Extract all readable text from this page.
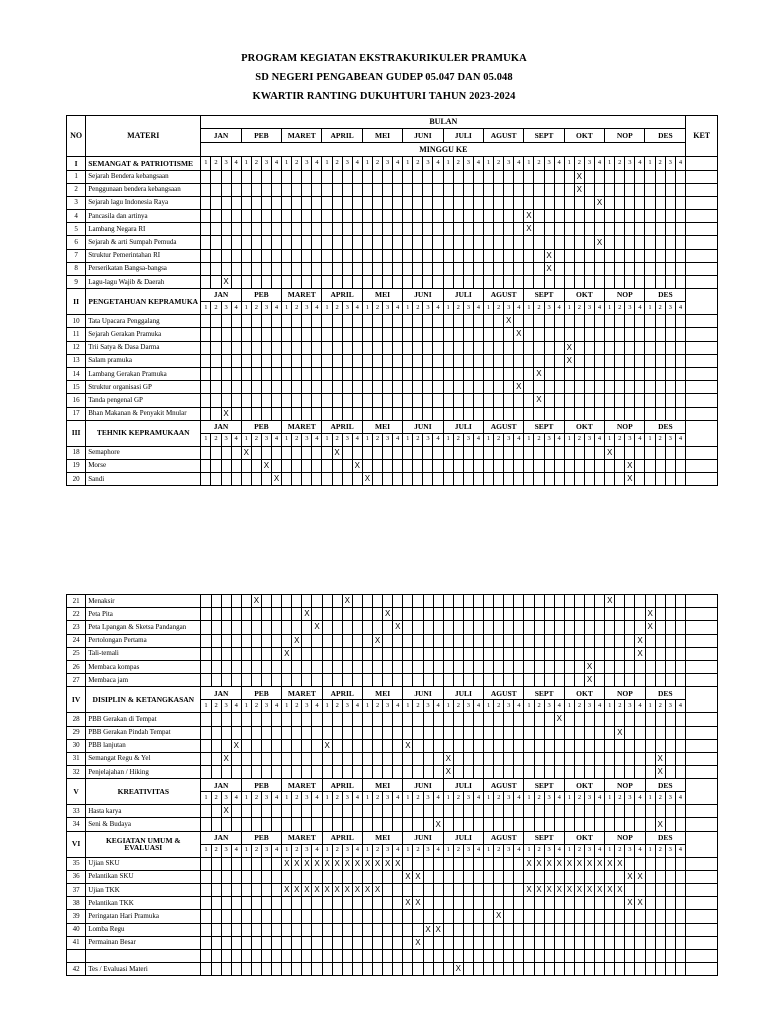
PROGRAM KEGIATAN EKSTRAKURIKULER PRAMUKA
SD NEGERI PENGABEAN GUDEP 05.047 DAN 05.048
KWARTIR RANTING DUKUHTURI TAHUN 2023-2024
NO	MATERI	BULAN																																																KET
		JAN				PEB				MARET				APRIL				MEI				JUNI				JULI				AGUST				SEPT				OKT				NOP				DES				
		MINGGU KE																																																
I	SEMANGAT & PATRIOTISME	1	2	3	4	1	2	3	4	1	2	3	4	1	2	3	4	1	2	3	4	1	2	3	4	1	2	3	4	1	2	3	4	1	2	3	4	1	2	3	4	1	2	3	4	1	2	3	4	
1	Sejarah Bendera kebangsaan																																						X											
2	Penggunaan bendera kebangsaan																																						X											
3	Sejarah lagu Indonesia Raya																																								X									
4	Pancasila dan artinya																																	X																
5	Lambang Negara RI																																	X																
6	Sejarah & arti Sumpah Pemuda																																								X									
7	Struktur Pemerintahan RI																																			X														
8	Perserikatan Bangsa-bangsa																																			X														
9	Lagu-lagu Wajib & Daerah			X																																														
II	PENGETAHUAN KEPRAMUKA	JAN				PEB				MARET				APRIL				MEI				JUNI				JULI				AGUST				SEPT				OKT				NOP				DES				
		1	2	3	4	1	2	3	4	1	2	3	4	1	2	3	4	1	2	3	4	1	2	3	4	1	2	3	4	1	2	3	4	1	2	3	4	1	2	3	4	1	2	3	4	1	2	3	4	
10	Tata Upacara Penggalang																															X																		
11	Sejarah Gerakan Pramuka																																X																	
12	Trii Satya & Dasa Darma																																					X												
13	Salam pramuka																																					X												
14	Lambang Gerakan Pramuka																																		X															
15	Struktur organisasi GP																																X																	
16	Tanda pengenal GP																																		X															
17	Bhan Makanan & Penyakit Mnular			X																																														
III	TEHNIK KEPRAMUKAAN	JAN				PEB				MARET				APRIL				MEI				JUNI				JULI				AGUST				SEPT				OKT				NOP				DES				
		1	2	3	4	1	2	3	4	1	2	3	4	1	2	3	4	1	2	3	4	1	2	3	4	1	2	3	4	1	2	3	4	1	2	3	4	1	2	3	4	1	2	3	4	1	2	3	4	
18	Semaphore					X									X																											X								
19	Morse							X									X																											X						
20	Sandi								X									X																										X						
21	Menaksir						X									X																										X								
22	Peta Pita											X								X																										X				
23	Peta Lpangan & Sketsa Pandangan												X								X																									X				
24	Pertolongan Pertama										X								X																										X					
25	Tali-temali									X																																			X					
26	Membaca kompas																																							X										
27	Membaca jam																																							X										
IV	DISIPLIN & KETANGKASAN	JAN				PEB				MARET				APRIL				MEI				JUNI				JULI				AGUST				SEPT				OKT				NOP				DES				
		1	2	3	4	1	2	3	4	1	2	3	4	1	2	3	4	1	2	3	4	1	2	3	4	1	2	3	4	1	2	3	4	1	2	3	4	1	2	3	4	1	2	3	4	1	2	3	4	
28	PBB Gerakan di Tempat																																				X													
29	PBB Gerakan Pindah Tempat																																										X							
30	PBB lanjutan				X									X								X																												
31	Semangat Regu & Yel			X																						X																					X			
32	Penjelajahan / Hiking																									X																					X			
V	KREATIVITAS	JAN				PEB				MARET				APRIL				MEI				JUNI				JULI				AGUST				SEPT				OKT				NOP				DES				
		1	2	3	4	1	2	3	4	1	2	3	4	1	2	3	4	1	2	3	4	1	2	3	4	1	2	3	4	1	2	3	4	1	2	3	4	1	2	3	4	1	2	3	4	1	2	3	4	
33	Hasta karya			X																																														
34	Seni & Budaya																								X																						X			
VI	KEGIATAN UMUM & EVALUASI	JAN				PEB				MARET				APRIL				MEI				JUNI				JULI				AGUST				SEPT				OKT				NOP				DES				
		1	2	3	4	1	2	3	4	1	2	3	4	1	2	3	4	1	2	3	4	1	2	3	4	1	2	3	4	1	2	3	4	1	2	3	4	1	2	3	4	1	2	3	4	1	2	3	4	
35	Ujian SKU									X	X	X	X	X	X	X	X	X	X	X	X													X	X	X	X	X	X	X	X	X	X							
36	Pelantikan SKU																					X	X																					X	X					
37	Ujian TKK									X	X	X	X	X	X	X	X	X	X															X	X	X	X	X	X	X	X	X	X							
38	Pelantikan TKK																					X	X																					X	X					
39	Peringatan Hari Pramuka																														X																			
40	Lomba Regu																							X	X																									
41	Permainan Besar																						X																											

42	Tes / Evaluasi Materi																										X																							
